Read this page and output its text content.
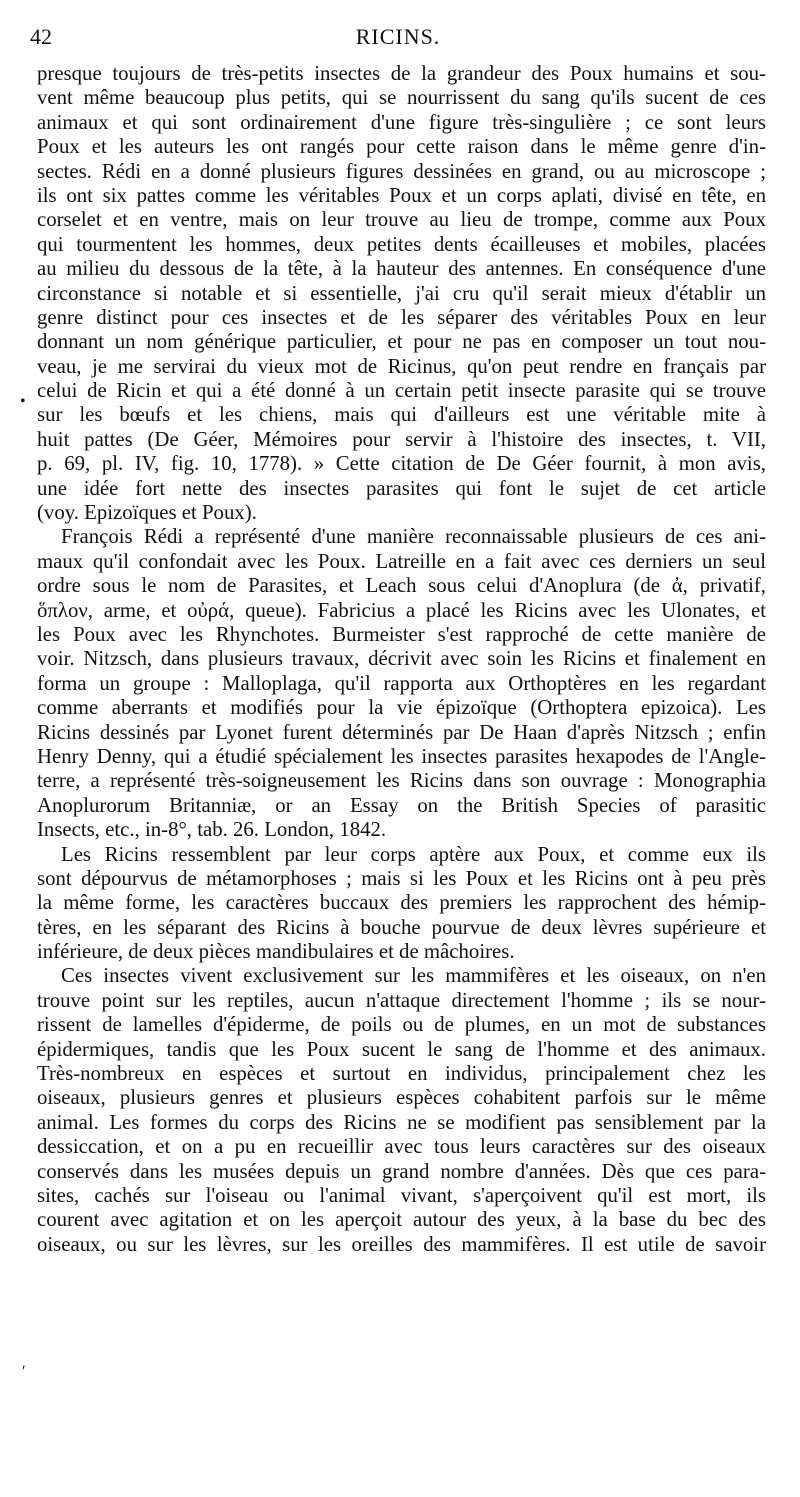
42	RICINS.
•
ʹ
presque toujours de très-petits insectes de la grandeur des Poux humains et sou-
vent même beaucoup plus petits, qui se nourrissent du sang qu'ils sucent de ces
animaux et qui sont ordinairement d'une figure très-singulière ; ce sont leurs
Poux et les auteurs les ont rangés pour cette raison dans le même genre d'in-
sectes. Rédi en a donné plusieurs figures dessinées en grand, ou au microscope ;
ils ont six pattes comme les véritables Poux et un corps aplati, divisé en tête, en
corselet et en ventre, mais on leur trouve au lieu de trompe, comme aux Poux
qui tourmentent les hommes, deux petites dents écailleuses et mobiles, placées
au milieu du dessous de la tête, à la hauteur des antennes. En conséquence d'une
circonstance si notable et si essentielle, j'ai cru qu'il serait mieux d'établir un
genre distinct pour ces insectes et de les séparer des véritables Poux en leur
donnant un nom générique particulier, et pour ne pas en composer un tout nou-
veau, je me servirai du vieux mot de Ricinus, qu'on peut rendre en français par
celui de Ricin et qui a été donné à un certain petit insecte parasite qui se trouve
sur les bœufs et les chiens, mais qui d'ailleurs est une véritable mite à
huit pattes (De Géer, Mémoires pour servir à l'histoire des insectes, t. VII,
p. 69, pl. IV, fig. 10, 1778). » Cette citation de De Géer fournit, à mon avis,
une idée fort nette des insectes parasites qui font le sujet de cet article
(voy. Epizoïques et Poux).
François Rédi a représenté d'une manière reconnaissable plusieurs de ces ani-
maux qu'il confondait avec les Poux. Latreille en a fait avec ces derniers un seul
ordre sous le nom de Parasites, et Leach sous celui d'Anoplura (de ἀ, privatif,
ὅπλον, arme, et οὐρά, queue). Fabricius a placé les Ricins avec les Ulonates, et
les Poux avec les Rhynchotes. Burmeister s'est rapproché de cette manière de
voir. Nitzsch, dans plusieurs travaux, décrivit avec soin les Ricins et finalement en
forma un groupe : Malloplaga, qu'il rapporta aux Orthoptères en les regardant
comme aberrants et modifiés pour la vie épizoïque (Orthoptera epizoica). Les
Ricins dessinés par Lyonet furent déterminés par De Haan d'après Nitzsch ; enfin
Henry Denny, qui a étudié spécialement les insectes parasites hexapodes de l'Angle-
terre, a représenté très-soigneusement les Ricins dans son ouvrage : Monographia
Anoplurorum Britanniæ, or an Essay on the British Species of parasitic
Insects, etc., in-8°, tab. 26. London, 1842.
Les Ricins ressemblent par leur corps aptère aux Poux, et comme eux ils
sont dépourvus de métamorphoses ; mais si les Poux et les Ricins ont à peu près
la même forme, les caractères buccaux des premiers les rapprochent des hémip-
tères, en les séparant des Ricins à bouche pourvue de deux lèvres supérieure et
inférieure, de deux pièces mandibulaires et de mâchoires.
Ces insectes vivent exclusivement sur les mammifères et les oiseaux, on n'en
trouve point sur les reptiles, aucun n'attaque directement l'homme ; ils se nour-
rissent de lamelles d'épiderme, de poils ou de plumes, en un mot de substances
épidermiques, tandis que les Poux sucent le sang de l'homme et des animaux.
Très-nombreux en espèces et surtout en individus, principalement chez les
oiseaux, plusieurs genres et plusieurs espèces cohabitent parfois sur le même
animal. Les formes du corps des Ricins ne se modifient pas sensiblement par la
dessiccation, et on a pu en recueillir avec tous leurs caractères sur des oiseaux
conservés dans les musées depuis un grand nombre d'années. Dès que ces para-
sites, cachés sur l'oiseau ou l'animal vivant, s'aperçoivent qu'il est mort, ils
courent avec agitation et on les aperçoit autour des yeux, à la base du bec des
oiseaux, ou sur les lèvres, sur les oreilles des mammifères. Il est utile de savoir
